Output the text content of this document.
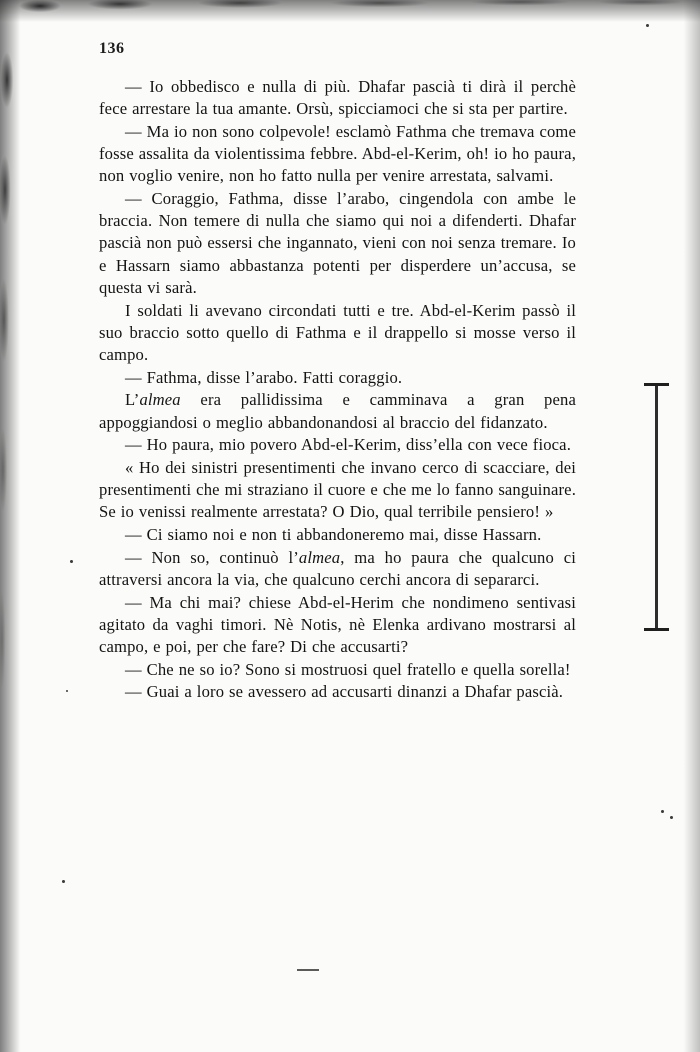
136
— Io obbedisco e nulla di più. Dhafar pascià ti dirà il perchè fece arrestare la tua amante. Orsù, spicciamoci che si sta per partire.
— Ma io non sono colpevole! esclamò Fathma che tremava come fosse assalita da violentissima febbre. Abd-el-Kerim, oh! io ho paura, non voglio venire, non ho fatto nulla per venire arrestata, salvami.
— Coraggio, Fathma, disse l’arabo, cingendola con ambe le braccia. Non temere di nulla che siamo qui noi a difenderti. Dhafar pascià non può essersi che ingannato, vieni con noi senza tremare. Io e Hassarn siamo abbastanza potenti per disperdere un’accusa, se questa vi sarà.
I soldati li avevano circondati tutti e tre. Abd-el-Kerim passò il suo braccio sotto quello di Fathma e il drappello si mosse verso il campo.
— Fathma, disse l’arabo. Fatti coraggio.
L’almea era pallidissima e camminava a gran pena appoggiandosi o meglio abbandonandosi al braccio del fidanzato.
— Ho paura, mio povero Abd-el-Kerim, diss’ella con vece fioca.
« Ho dei sinistri presentimenti che invano cerco di scacciare, dei presentimenti che mi straziano il cuore e che me lo fanno sanguinare. Se io venissi realmente arrestata? O Dio, qual terribile pensiero! »
— Ci siamo noi e non ti abbandoneremo mai, disse Hassarn.
— Non so, continuò l’almea, ma ho paura che qualcuno ci attraversi ancora la via, che qualcuno cerchi ancora di separarci.
— Ma chi mai? chiese Abd-el-Herim che nondimeno sentivasi agitato da vaghi timori. Nè Notis, nè Elenka ardivano mostrarsi al campo, e poi, per che fare? Di che accusarti?
— Che ne so io? Sono si mostruosi quel fratello e quella sorella!
— Guai a loro se avessero ad accusarti dinanzi a Dhafar pascià.
